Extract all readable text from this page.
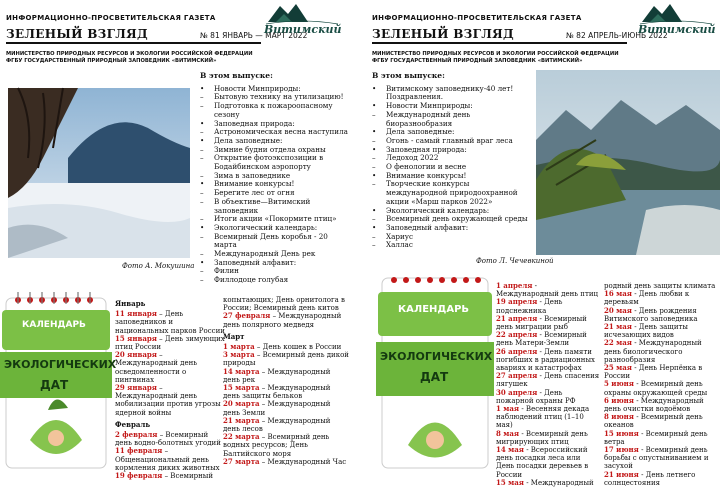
ИНФОРМАЦИОННО-ПРОСВЕТИТЕЛЬСКАЯ ГАЗЕТА
ЗЕЛЕНЫЙ ВЗГЛЯД	№ 81 ЯНВАРЬ — МАРТ 2022
МИНИСТЕРСТВО ПРИРОДНЫХ РЕСУРСОВ И ЭКОЛОГИИ РОССИЙСКОЙ ФЕДЕРАЦИИ
ФГБУ ГОСУДАРСТВЕННЫЙ ПРИРОДНЫЙ ЗАПОВЕДНИК «ВИТИМСКИЙ»
Витимский
Фото А. Мокушина
В этом выпуске:
• Новости Минприроды:
– Бытовую технику на утилизацию!
– Подготовка к пожароопасному сезону
• Заповедная природа:
– Астрономическая весна наступила
• Дела заповедные:
– Зимние будни отдела охраны
– Открытие фотоэкспозиции в Бодайбинском аэропорту
– Зима в заповеднике
• Внимание конкурсы!
– Берегите лес от огня
– В объективе—Витимский заповедник
– Итоги акции «Покормите птиц»
• Экологический календарь:
– Всемирный День коробья - 20 марта
– Международный День рек
• Заповедный алфавит:
– Филин
– Филлодоце голубая
КАЛЕНДАРЬ
ЭКОЛОГИЧЕСКИХ
ДАТ
Январь
11 января – День заповедников и национальных парков России
15 января – День зимующих птиц России
20 января – Международный день осведомленности о пингвинах
29 января – Международный день мобилизации против угрозы ядерной войны
Февраль
2 февраля – Всемирный день водно-болотных угодий
11 февраля – Общенациональный день кормления диких животных
19 февраля – Всемирный
копытающих; День орнитолога в России; Всемирный день китов
27 февраля – Международный день полярного медведя
Март
1 марта – День кошек в России
3 марта – Всемирный день дикой природы
14 марта – Международный день рек
15 марта – Международный день защиты бельков
20 марта – Международный день Земли
21 марта – Международный день лесов
22 марта – Всемирный день водных ресурсов; День Балтийского моря
27 марта – Международный Час
ИНФОРМАЦИОННО-ПРОСВЕТИТЕЛЬСКАЯ ГАЗЕТА
ЗЕЛЕНЫЙ ВЗГЛЯД	№ 82 АПРЕЛЬ-ИЮНЬ 2022
МИНИСТЕРСТВО ПРИРОДНЫХ РЕСУРСОВ И ЭКОЛОГИИ РОССИЙСКОЙ ФЕДЕРАЦИИ
ФГБУ ГОСУДАРСТВЕННЫЙ ПРИРОДНЫЙ ЗАПОВЕДНИК «ВИТИМСКИЙ»
Витимский
В этом выпуске:
• Витимскому заповеднику-40 лет! Поздравления.
• Новости Минприроды:
– Международный день биоразнообразия
• Дела заповедные:
– Огонь - самый главный враг леса
• Заповедная природа:
– Ледоход 2022
– О фенологии и весне
• Внимание конкурсы!
– Творческие конкурсы международной природоохранной акции «Марш парков 2022»
• Экологический календарь:
– Всемирный день окружающей среды
• Заповедный алфавит:
– Хариус
– Халлас
Фото Л. Чечевкиной
КАЛЕНДАРЬ
ЭКОЛОГИЧЕСКИХ
ДАТ
1 апреля - Международный день птиц
19 апреля - День подснежника
21 апреля - Всемирный день миграции рыб
22 апреля - Всемирный день Матери-Земли
26 апреля - День памяти погибших в радиационных авариях и катастрофах
27 апреля - День спасения лягушек
30 апреля - День пожарной охраны РФ
1 мая - Весенняя декада наблюдений птиц (1–10 мая)
8 мая - Всемирный день мигрирующих птиц
14 мая - Всероссийский день посадки леса или День посадки деревьев в России
15 мая - Международный
родный день защиты климата
16 мая - День любви к деревьям
20 мая - День рождения Витимского заповедника
21 мая - День защиты исчезающих видов
22 мая - Международный день биологического разнообразия
25 мая - День Нерпёнка в России
5 июня - Всемирный день охраны окружающей среды
6 июня - Международный день очистки водоёмов
8 июня - Всемирный день океанов
15 июня - Всемирный день ветра
17 июня - Всемирный день борьбы с опустыниванием и засухой
21 июня - День летнего солнцестояния
